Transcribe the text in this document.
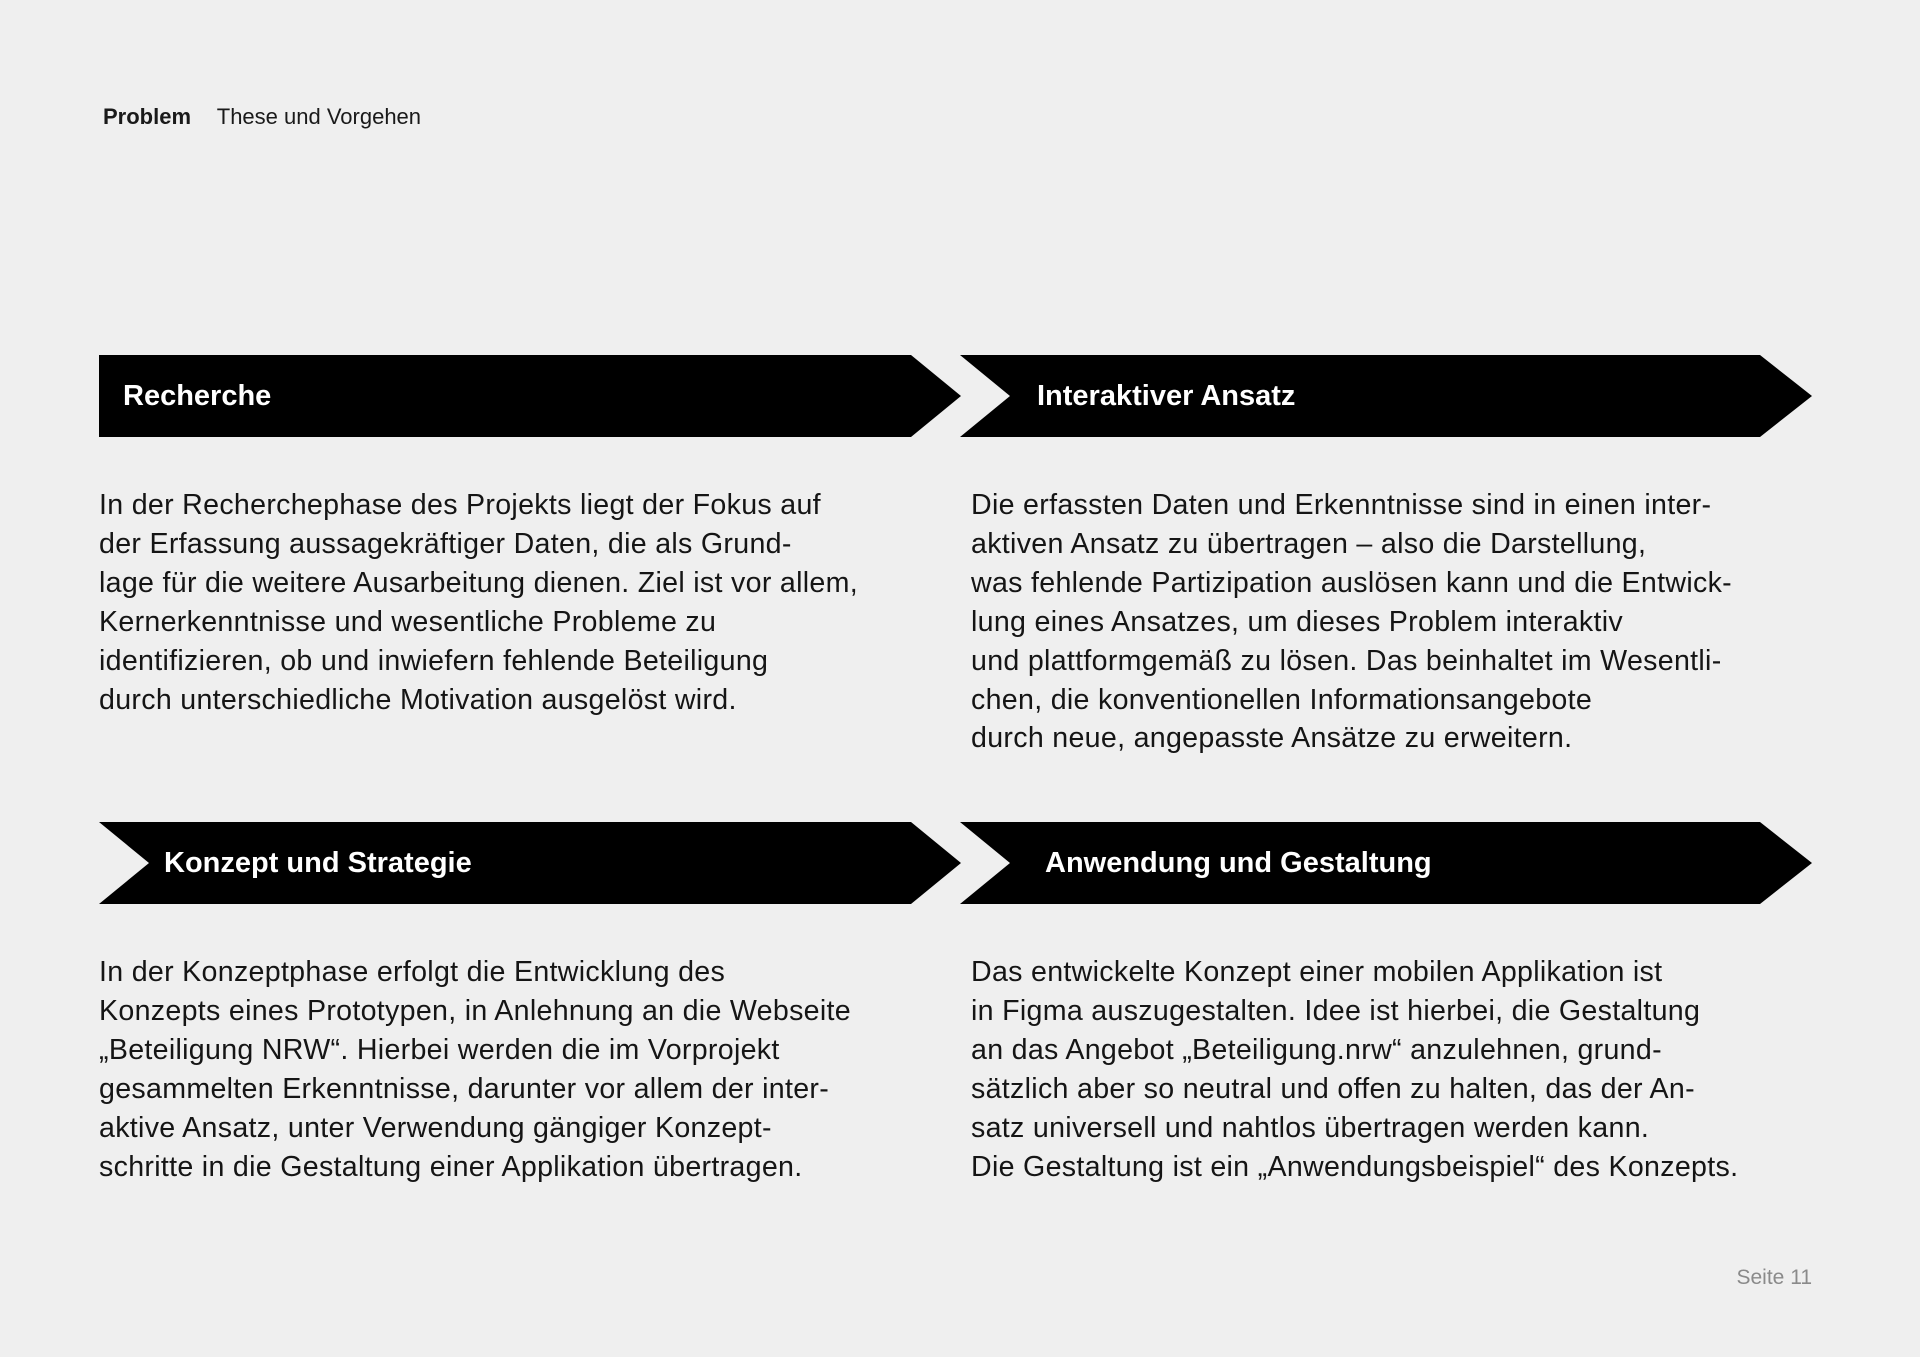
Problem These und Vorgehen
Recherche	Interaktiver Ansatz
Konzept und Strategie	Anwendung und Gestaltung

In der Recherchephase des Projekts liegt der Fokus auf
der Erfassung aussagekräftiger Daten, die als Grund-
lage für die weitere Ausarbeitung dienen. Ziel ist vor allem,
Kernerkenntnisse und wesentliche Probleme zu
identifizieren, ob und inwiefern fehlende Beteiligung
durch unterschiedliche Motivation ausgelöst wird.

Die erfassten Daten und Erkenntnisse sind in einen inter-
aktiven Ansatz zu übertragen – also die Darstellung,
was fehlende Partizipation auslösen kann und die Entwick-
lung eines Ansatzes, um dieses Problem interaktiv
und plattformgemäß zu lösen. Das beinhaltet im Wesentli-
chen, die konventionellen Informationsangebote
durch neue, angepasste Ansätze zu erweitern.

In der Konzeptphase erfolgt die Entwicklung des
Konzepts eines Prototypen, in Anlehnung an die Webseite
„Beteiligung NRW“. Hierbei werden die im Vorprojekt
gesammelten Erkenntnisse, darunter vor allem der inter-
aktive Ansatz, unter Verwendung gängiger Konzept-
schritte in die Gestaltung einer Applikation übertragen.

Das entwickelte Konzept einer mobilen Applikation ist
in Figma auszugestalten. Idee ist hierbei, die Gestaltung
an das Angebot „Beteiligung.nrw“ anzulehnen, grund-
sätzlich aber so neutral und offen zu halten, das der An-
satz universell und nahtlos übertragen werden kann.
Die Gestaltung ist ein „Anwendungsbeispiel“ des Konzepts.

Seite 11
